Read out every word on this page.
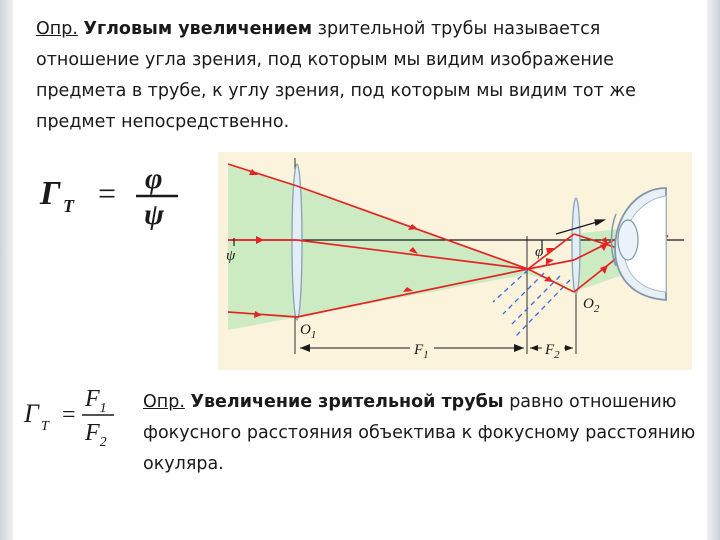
Опр. Угловым увеличением зрительной трубы называется отношение угла зрения, под которым мы видим изображение предмета в трубе, к углу зрения, под которым мы видим тот же предмет непосредственно.

Г Т = φ
ψ
ψ	φ
$O_1$
$O_2$
$F_1$	$F_2$
Г Т =
$F_1$
$F_2$

Опр. Увеличение зрительной трубы равно отношению фокусного расстояния объектива к фокусному расстоянию окуляра.
